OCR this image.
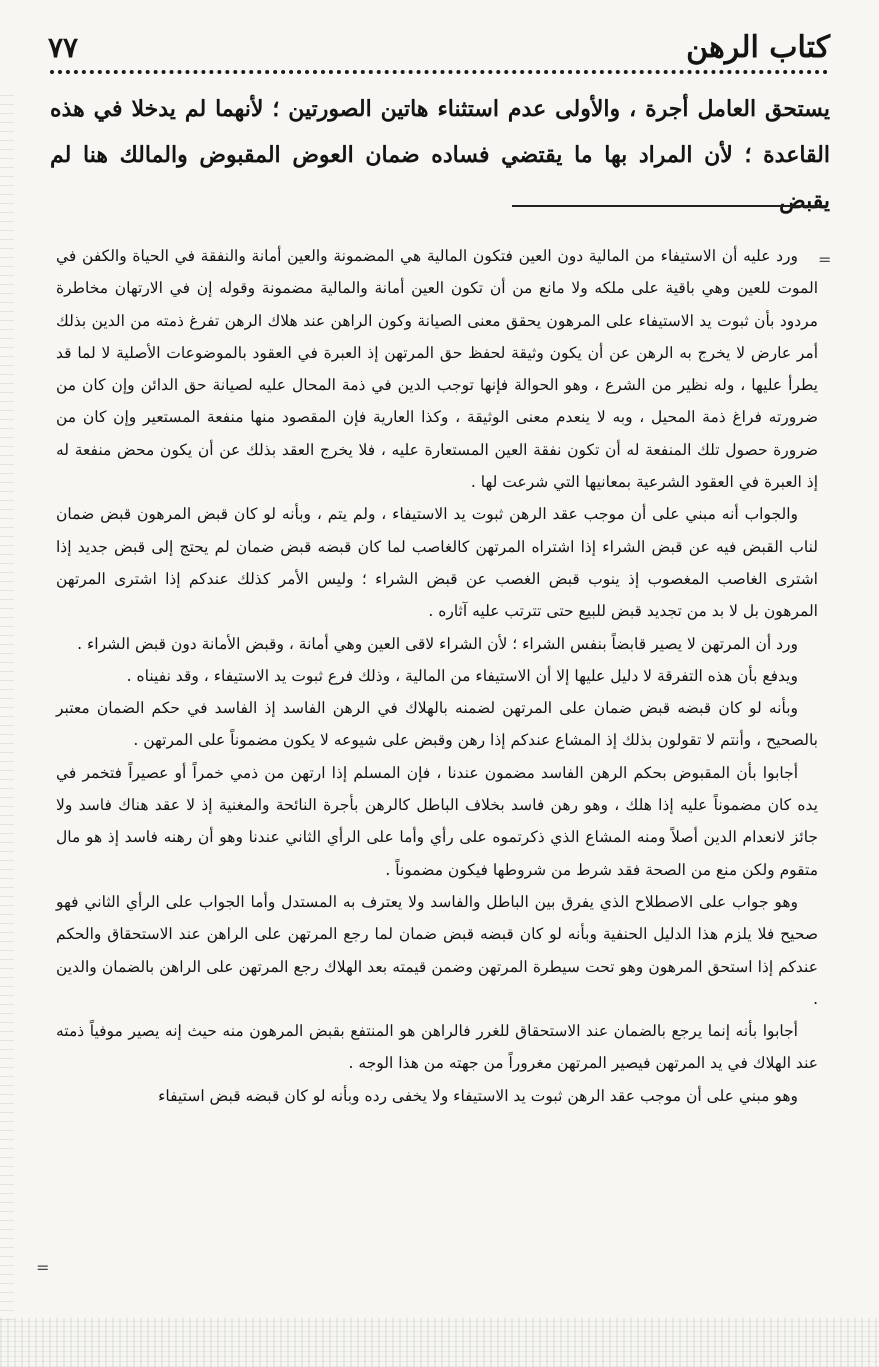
كتاب الرهن
٧٧

يستحق العامل أجرة ، والأولى عدم استثناء هاتين الصورتين ؛ لأنهما لم يدخلا في هذه القاعدة ؛ لأن المراد بها ما يقتضي فساده ضمان العوض المقبوض والمالك هنا لم يقبض

=

ورد عليه أن الاستيفاء من المالية دون العين فتكون المالية هي المضمونة والعين أمانة والنفقة في الحياة والكفن في الموت للعين وهي باقية على ملكه ولا مانع من أن تكون العين أمانة والمالية مضمونة وقوله إن في الارتهان مخاطرة مردود بأن ثبوت يد الاستيفاء على المرهون يحقق معنى الصيانة وكون الراهن عند هلاك الرهن تفرغ ذمته من الدين بذلك أمر عارض لا يخرج به الرهن عن أن يكون وثيقة لحفظ حق المرتهن إذ العبرة في العقود بالموضوعات الأصلية لا لما قد يطرأ عليها ، وله نظير من الشرع ، وهو الحوالة فإنها توجب الدين في ذمة المحال عليه لصيانة حق الدائن وإن كان من ضرورته فراغ ذمة المحيل ، وبه لا ينعدم معنى الوثيقة ، وكذا العارية فإن المقصود منها منفعة المستعير وإن كان من ضرورة حصول تلك المنفعة له أن تكون نفقة العين المستعارة عليه ، فلا يخرج العقد بذلك عن أن يكون محض منفعة له إذ العبرة في العقود الشرعية بمعانيها التي شرعت لها .

والجواب أنه مبني على أن موجب عقد الرهن ثبوت يد الاستيفاء ، ولم يتم ، وبأنه لو كان قبض المرهون قبض ضمان لناب القبض فيه عن قبض الشراء إذا اشتراه المرتهن كالغاصب لما كان قبضه قبض ضمان لم يحتج إلى قبض جديد إذا اشترى الغاصب المغصوب إذ ينوب قبض الغصب عن قبض الشراء ؛ وليس الأمر كذلك عندكم إذا اشترى المرتهن المرهون بل لا بد من تجديد قبض للبيع حتى تترتب عليه آثاره .

ورد أن المرتهن لا يصير قابضاً بنفس الشراء ؛ لأن الشراء لاقى العين وهي أمانة ، وقبض الأمانة دون قبض الشراء .

ويدفع بأن هذه التفرقة لا دليل عليها إلا أن الاستيفاء من المالية ، وذلك فرع ثبوت يد الاستيفاء ، وقد نفيناه .

وبأنه لو كان قبضه قبض ضمان على المرتهن لضمنه بالهلاك في الرهن الفاسد إذ الفاسد في حكم الضمان معتبر بالصحيح ، وأنتم لا تقولون بذلك إذ المشاع عندكم إذا رهن وقبض على شيوعه لا يكون مضموناً على المرتهن .

أجابوا بأن المقبوض بحكم الرهن الفاسد مضمون عندنا ، فإن المسلم إذا ارتهن من ذمي خمراً أو عصيراً فتخمر في يده كان مضموناً عليه إذا هلك ، وهو رهن فاسد بخلاف الباطل كالرهن بأجرة النائحة والمغنية إذ لا عقد هناك فاسد ولا جائز لانعدام الدين أصلاً ومنه المشاع الذي ذكرتموه على رأي وأما على الرأي الثاني عندنا وهو أن رهنه فاسد إذ هو مال متقوم ولكن منع من الصحة فقد شرط من شروطها فيكون مضموناً .

وهو جواب على الاصطلاح الذي يفرق بين الباطل والفاسد ولا يعترف به المستدل وأما الجواب على الرأي الثاني فهو صحيح فلا يلزم هذا الدليل الحنفية وبأنه لو كان قبضه قبض ضمان لما رجع المرتهن على الراهن عند الاستحقاق والحكم عندكم إذا استحق المرهون وهو تحت سيطرة المرتهن وضمن قيمته بعد الهلاك رجع المرتهن على الراهن بالضمان والدين .

أجابوا بأنه إنما يرجع بالضمان عند الاستحقاق للغرر فالراهن هو المنتفع بقبض المرهون منه حيث إنه يصير موفياً ذمته عند الهلاك في يد المرتهن فيصير المرتهن مغروراً من جهته من هذا الوجه .

وهو مبني على أن موجب عقد الرهن ثبوت يد الاستيفاء ولا يخفى رده وبأنه لو كان قبضه قبض استيفاء

=
